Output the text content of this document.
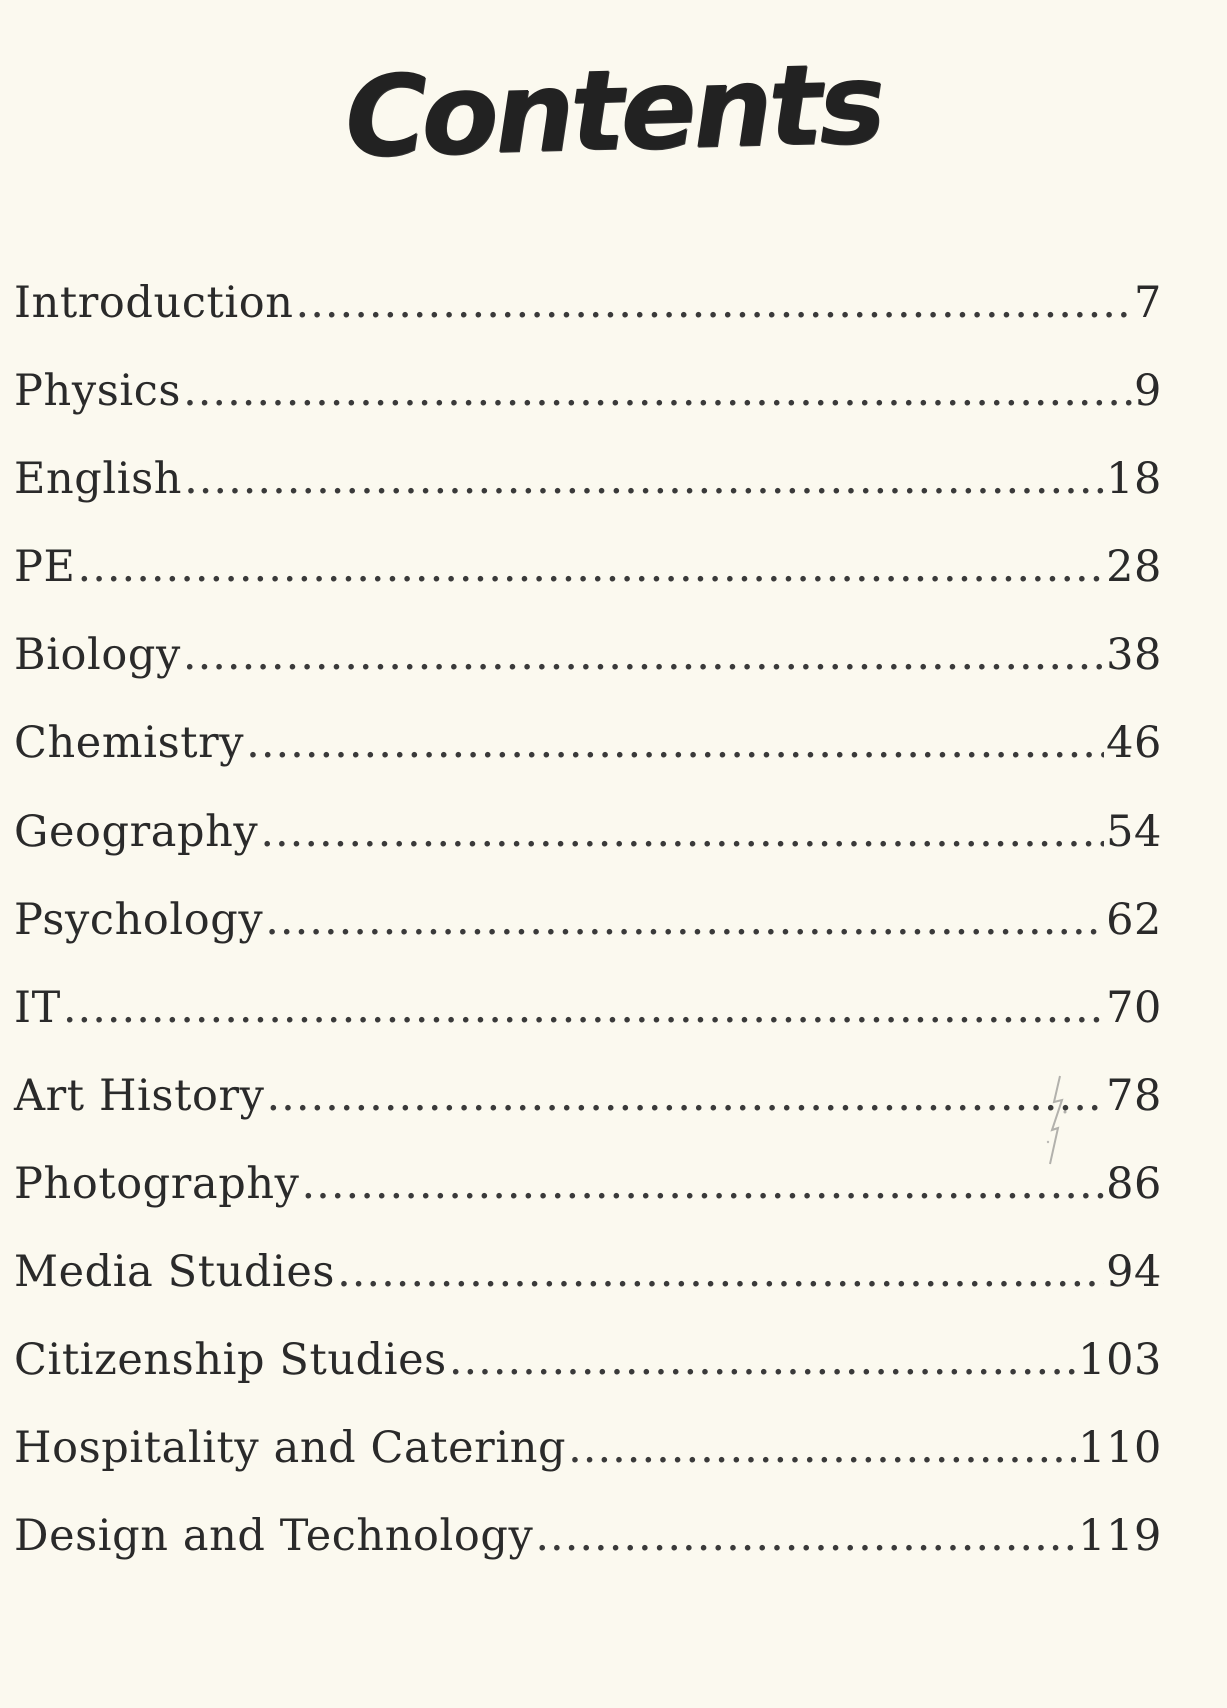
Contents
Introduction .....	7
Physics .....	9
English .....	18
PE .....	28
Biology .....	38
Chemistry .....	46
Geography .....	54
Psychology .....	62
IT .....	70
Art History .....	78
Photography .....	86
Media Studies .....	94
Citizenship Studies .....	103
Hospitality and Catering .....	110
Design and Technology .....	119
